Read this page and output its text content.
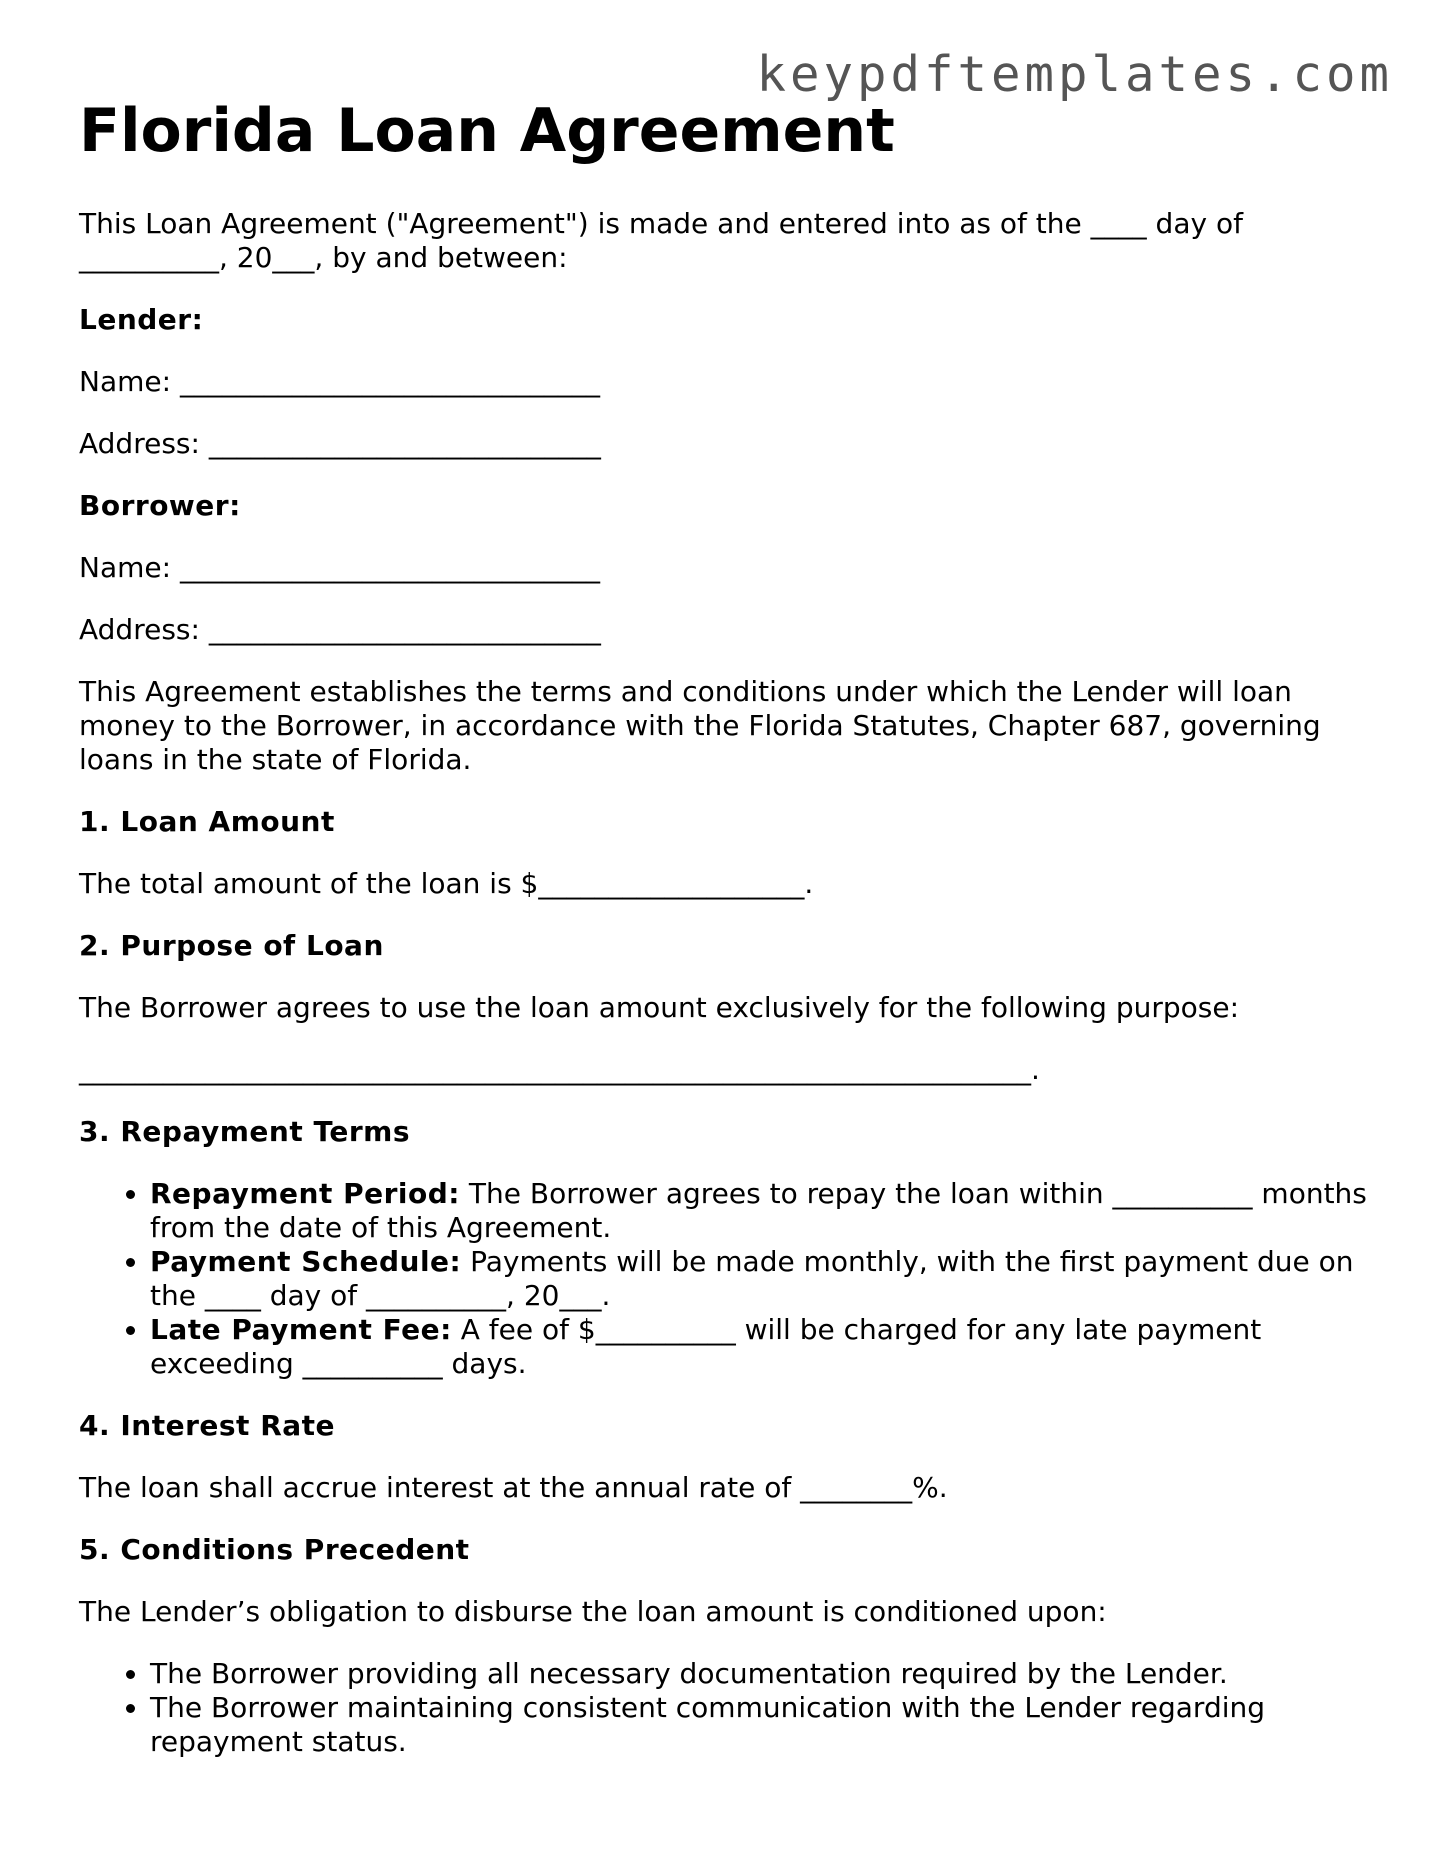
keypdftemplates.com
Florida Loan Agreement

This Loan Agreement ("Agreement") is made and entered into as of the ____ day of __________, 20___, by and between:

Lender:

Name: ______________________________

Address: ____________________________

Borrower:

Name: ______________________________

Address: ____________________________

This Agreement establishes the terms and conditions under which the Lender will loan money to the Borrower, in accordance with the Florida Statutes, Chapter 687, governing loans in the state of Florida.

1. Loan Amount

The total amount of the loan is $___________________.

2. Purpose of Loan

The Borrower agrees to use the loan amount exclusively for the following purpose:

____________________________________________________________________.

3. Repayment Terms
• Repayment Period: The Borrower agrees to repay the loan within __________ months from the date of this Agreement.
• Payment Schedule: Payments will be made monthly, with the first payment due on the ____ day of __________, 20___.
• Late Payment Fee: A fee of $__________ will be charged for any late payment exceeding __________ days.
4. Interest Rate

The loan shall accrue interest at the annual rate of ________%.

5. Conditions Precedent

The Lender’s obligation to disburse the loan amount is conditioned upon:

• The Borrower providing all necessary documentation required by the Lender.
• The Borrower maintaining consistent communication with the Lender regarding repayment status.
